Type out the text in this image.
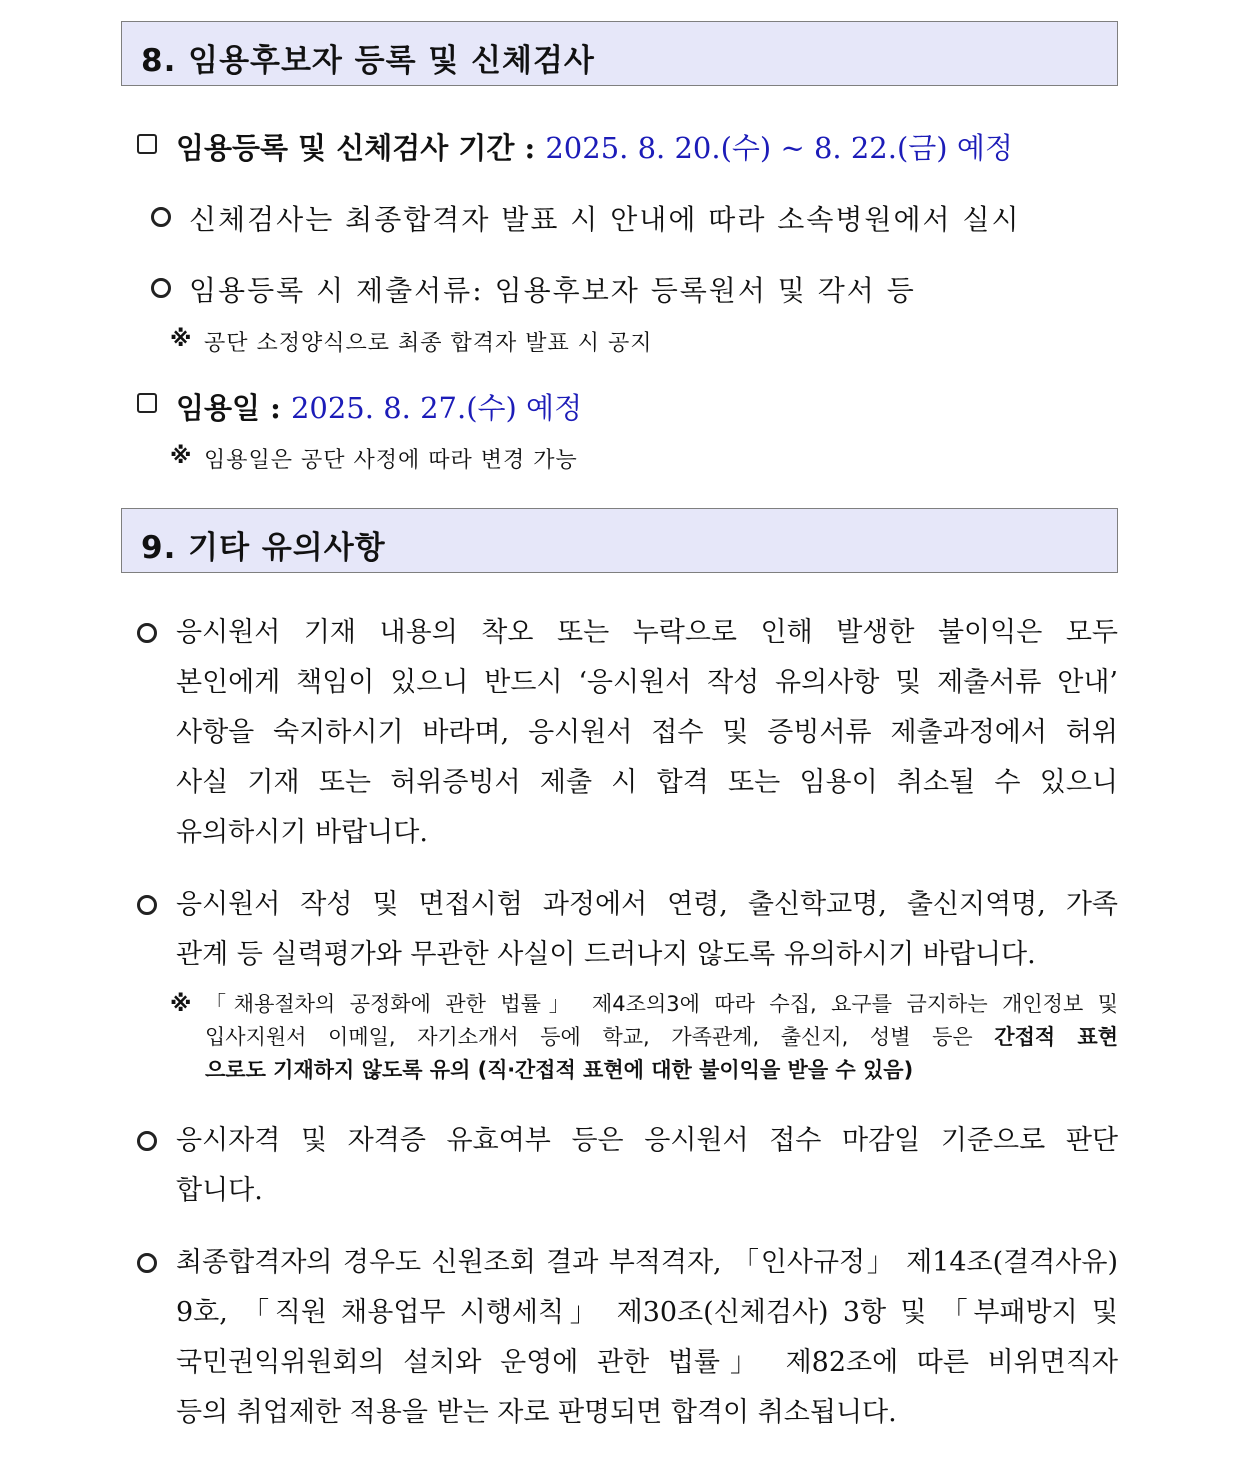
8. 임용후보자 등록 및 신체검사
임용등록 및 신체검사 기간 : 2025. 8. 20.(수) ~ 8. 22.(금) 예정
신체검사는 최종합격자 발표 시 안내에 따라 소속병원에서 실시
임용등록 시 제출서류: 임용후보자 등록원서 및 각서 등
※ 공단 소정양식으로 최종 합격자 발표 시 공지
임용일 : 2025. 8. 27.(수) 예정
※ 임용일은 공단 사정에 따라 변경 가능
9. 기타 유의사항
응시원서 기재 내용의 착오 또는 누락으로 인해 발생한 불이익은 모두
본인에게 책임이 있으니 반드시 ‘응시원서 작성 유의사항 및 제출서류 안내’
사항을 숙지하시기 바라며, 응시원서 접수 및 증빙서류 제출과정에서 허위
사실 기재 또는 허위증빙서 제출 시 합격 또는 임용이 취소될 수 있으니
유의하시기 바랍니다.
응시원서 작성 및 면접시험 과정에서 연령, 출신학교명, 출신지역명, 가족
관계 등 실력평가와 무관한 사실이 드러나지 않도록 유의하시기 바랍니다.
※ 「채용절차의 공정화에 관한 법률」 제4조의3에 따라 수집, 요구를 금지하는 개인정보 및
입사지원서 이메일, 자기소개서 등에 학교, 가족관계, 출신지, 성별 등은 간접적 표현
으로도 기재하지 않도록 유의 (직‧간접적 표현에 대한 불이익을 받을 수 있음)
응시자격 및 자격증 유효여부 등은 응시원서 접수 마감일 기준으로 판단
합니다.
최종합격자의 경우도 신원조회 결과 부적격자, 「인사규정」 제14조(결격사유)
9호, 「직원 채용업무 시행세칙」 제30조(신체검사) 3항 및 「부패방지 및
국민권익위원회의 설치와 운영에 관한 법률」 제82조에 따른 비위면직자
등의 취업제한 적용을 받는 자로 판명되면 합격이 취소됩니다.
